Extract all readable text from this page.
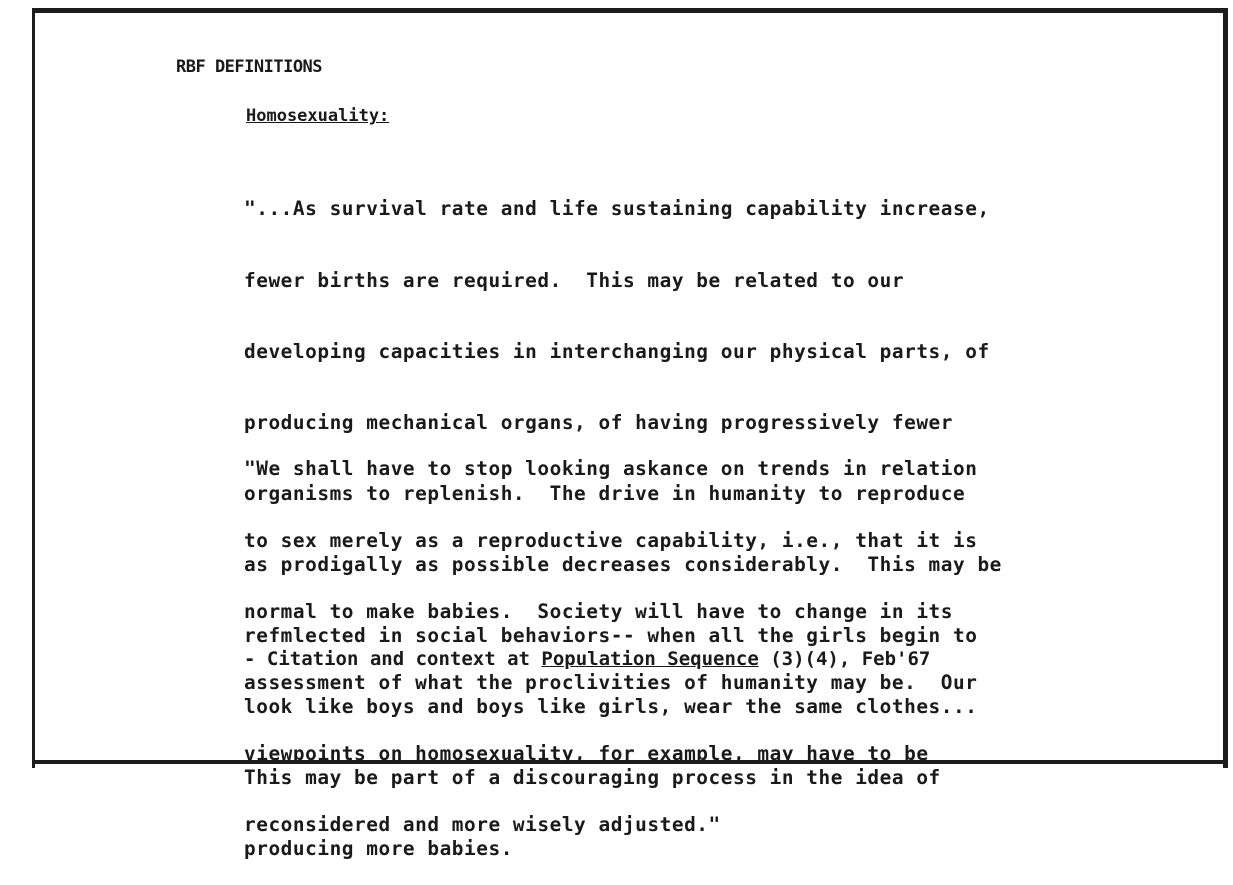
RBF DEFINITIONS
Homosexuality:

"...As survival rate and life sustaining capability increase,

fewer births are required.  This may be related to our

developing capacities in interchanging our physical parts, of

producing mechanical organs, of having progressively fewer

organisms to replenish.  The drive in humanity to reproduce

as prodigally as possible decreases considerably.  This may be

refmlected in social behaviors-- when all the girls begin to

look like boys and boys like girls, wear the same clothes...

This may be part of a discouraging process in the idea of

producing more babies.

"We shall have to stop looking askance on trends in relation

to sex merely as a reproductive capability, i.e., that it is

normal to make babies.  Society will have to change in its

assessment of what the proclivities of humanity may be.  Our

viewpoints on homosexuality, for example, may have to be

reconsidered and more wisely adjusted."

- Citation and context at Population Sequence (3)(4), Feb'67
